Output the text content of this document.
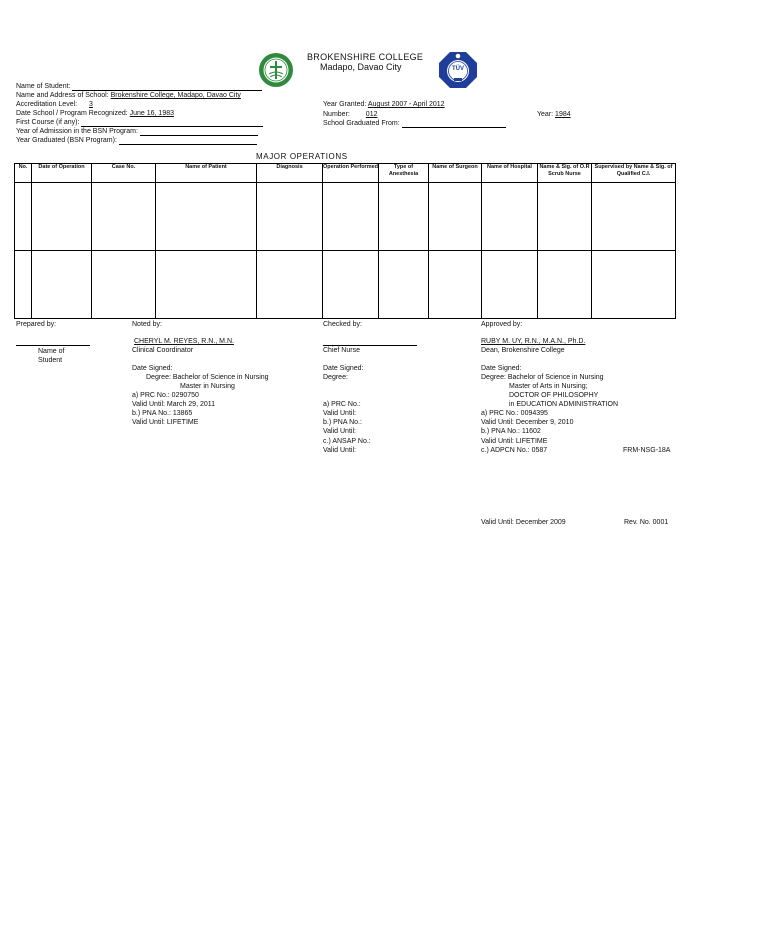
BROKENSHIRE COLLEGE
Madapo, Davao City	TÜV
Name of Student:
Name and Address of School: Brokenshire College, Madapo, Davao City
Accreditation Level: 3
Date School / Program Recognized: June 16, 1983
First Course (if any):
Year of Admission in the BSN Program:
Year Graduated (BSN Program):
Year Granted: August 2007 - April 2012
Number: 012
School Graduated From:
Year: 1984
MAJOR OPERATIONS
No.	Date of Operation	Case No.	Name of Patient	Diagnosis	Operation Performed	Type of Anesthesia	Name of Surgeon	Name of Hospital	Name & Sig. of O.R Scrub Nurse	Supervised by Name & Sig. of Qualified C.I.

Prepared by:	Noted by:	Checked by:	Approved by:
Name of
Student
CHERYL M. REYES, R.N., M.N.
Clinical Coordinator
Date Signed:
Degree: Bachelor of Science in Nursing
Master in Nursing
a) PRC No.: 0290750
Valid Until: March 29, 2011
b.) PNA No.: 13865
Valid Until: LIFETIME
Chief Nurse
Date Signed:
Degree:
a) PRC No.:
Valid Until:
b.) PNA No.:
Valid Until:
c.) ANSAP No.:
Valid Until:
RUBY M. UY, R.N., M.A.N., Ph.D.
Dean, Brokenshire College
Date Signed:
Degree: Bachelor of Science in Nursing
Master of Arts in Nursing;
DOCTOR OF PHILOSOPHY
in EDUCATION ADMINISTRATION
a) PRC No.: 0094395
Valid Until: December 9, 2010
b.) PNA No.: 11602
Valid Until: LIFETIME
c.) ADPCN No.: 0587	FRM-NSG-18A
Valid Until: December 2009	Rev. No. 0001
